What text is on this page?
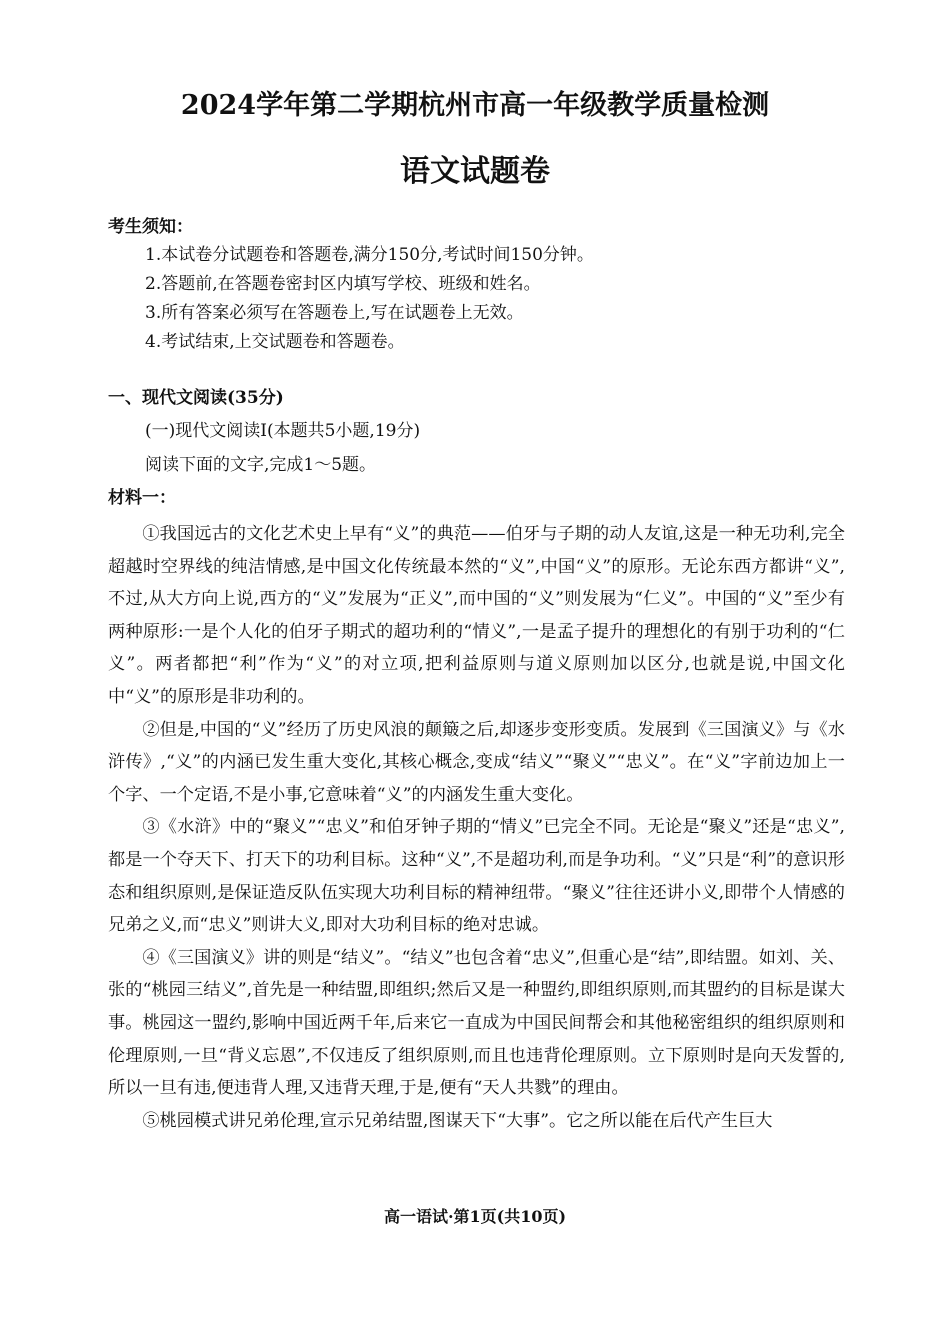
2024学年第二学期杭州市高一年级教学质量检测
语文试题卷
考生须知：
1.本试卷分试题卷和答题卷,满分150分,考试时间150分钟。
2.答题前,在答题卷密封区内填写学校、班级和姓名。
3.所有答案必须写在答题卷上,写在试题卷上无效。
4.考试结束,上交试题卷和答题卷。
一、现代文阅读(35分)
(一)现代文阅读Ⅰ(本题共5小题,19分)
阅读下面的文字,完成1～5题。
材料一：

①我国远古的文化艺术史上早有“义”的典范——伯牙与子期的动人友谊,这是一种无功利,完全超越时空界线的纯洁情感,是中国文化传统最本然的“义”,中国“义”的原形。无论东西方都讲“义”,不过,从大方向上说,西方的“义”发展为“正义”,而中国的“义”则发展为“仁义”。中国的“义”至少有两种原形:一是个人化的伯牙子期式的超功利的“情义”,一是孟子提升的理想化的有别于功利的“仁义”。两者都把“利”作为“义”的对立项,把利益原则与道义原则加以区分,也就是说,中国文化中“义”的原形是非功利的。

②但是,中国的“义”经历了历史风浪的颠簸之后,却逐步变形变质。发展到《三国演义》与《水浒传》,“义”的内涵已发生重大变化,其核心概念,变成“结义”“聚义”“忠义”。在“义”字前边加上一个字、一个定语,不是小事,它意味着“义”的内涵发生重大变化。

③《水浒》中的“聚义”“忠义”和伯牙钟子期的“情义”已完全不同。无论是“聚义”还是“忠义”,都是一个夺天下、打天下的功利目标。这种“义”,不是超功利,而是争功利。“义”只是“利”的意识形态和组织原则,是保证造反队伍实现大功利目标的精神纽带。“聚义”往往还讲小义,即带个人情感的兄弟之义,而“忠义”则讲大义,即对大功利目标的绝对忠诚。

④《三国演义》讲的则是“结义”。“结义”也包含着“忠义”,但重心是“结”,即结盟。如刘、关、张的“桃园三结义”,首先是一种结盟,即组织;然后又是一种盟约,即组织原则,而其盟约的目标是谋大事。桃园这一盟约,影响中国近两千年,后来它一直成为中国民间帮会和其他秘密组织的组织原则和伦理原则,一旦“背义忘恩”,不仅违反了组织原则,而且也违背伦理原则。立下原则时是向天发誓的,所以一旦有违,便违背人理,又违背天理,于是,便有“天人共戮”的理由。

⑤桃园模式讲兄弟伦理,宣示兄弟结盟,图谋天下“大事”。它之所以能在后代产生巨大

高一语试·第1页(共10页)
